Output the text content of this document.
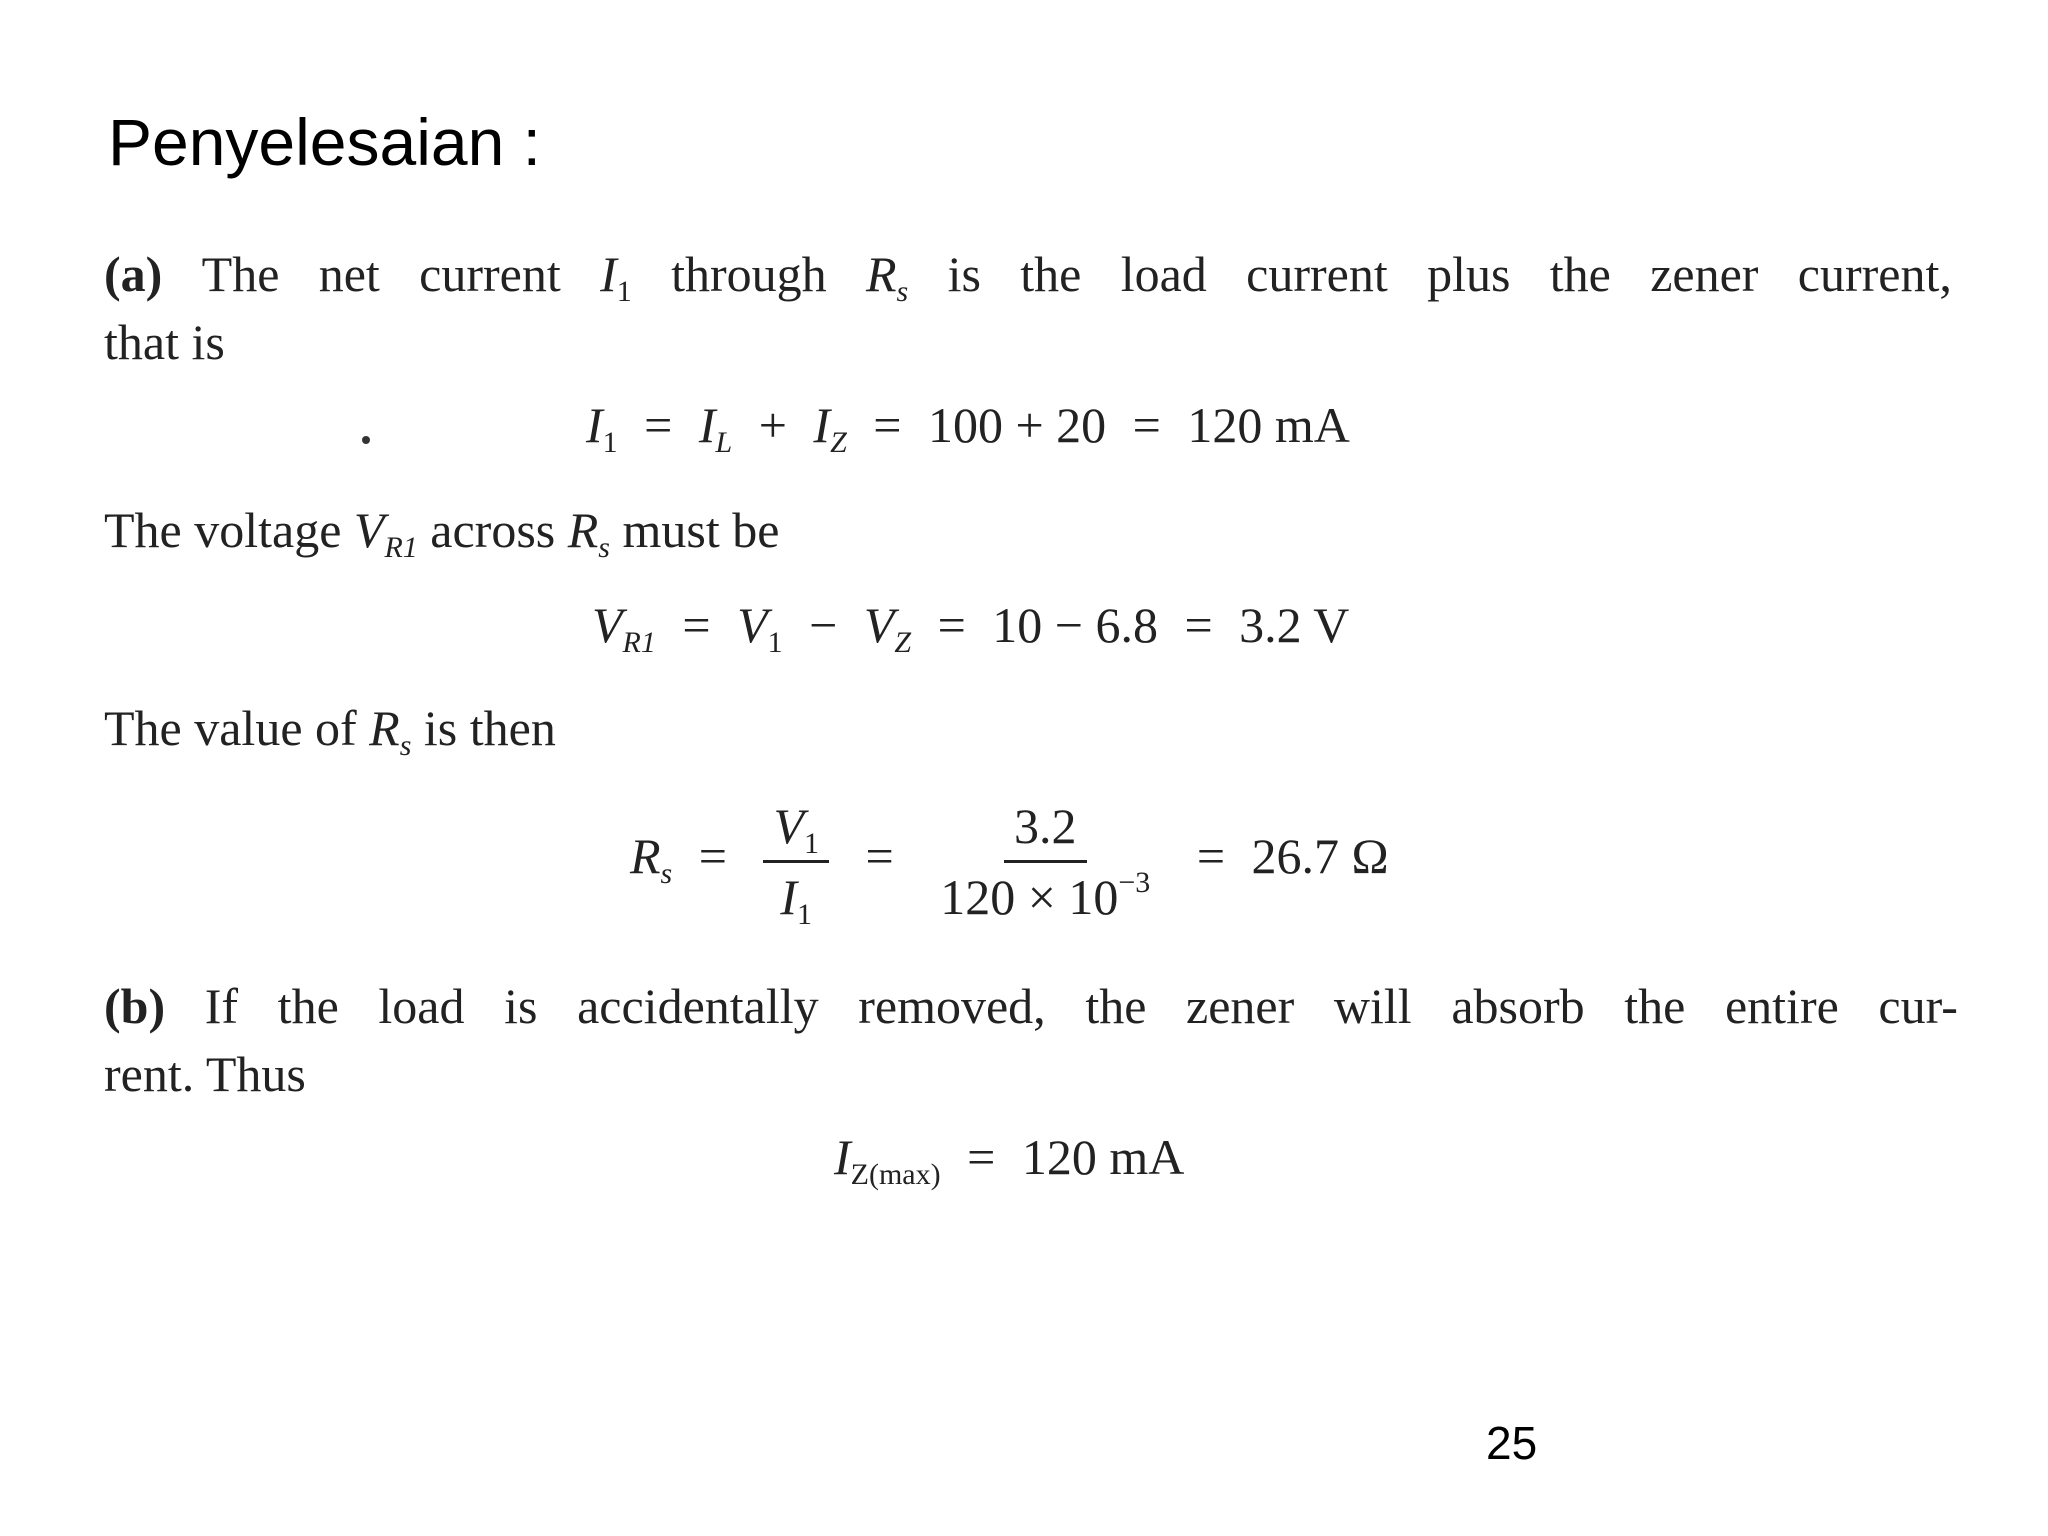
Penyelesaian :
(a) The net current $I_1$ through $R_s$ is the load current plus the zener current,
that is
$I_1 = I_L + I_Z = 100 + 20 = 120$ mA
The voltage $V_{R1}$ across $R_s$ must be
$V_{R1} = V_1 - V_Z = 10 - 6.8 = 3.2$ V
The value of $R_s$ is then
$R_s = \frac{V_1}{I_1} = \frac{3.2}{120 \times 10^{-3}} = 26.7$ Ω
(b) If the load is accidentally removed, the zener will absorb the entire cur-
rent. Thus
$I_{Z(max)} = 120$ mA
25
